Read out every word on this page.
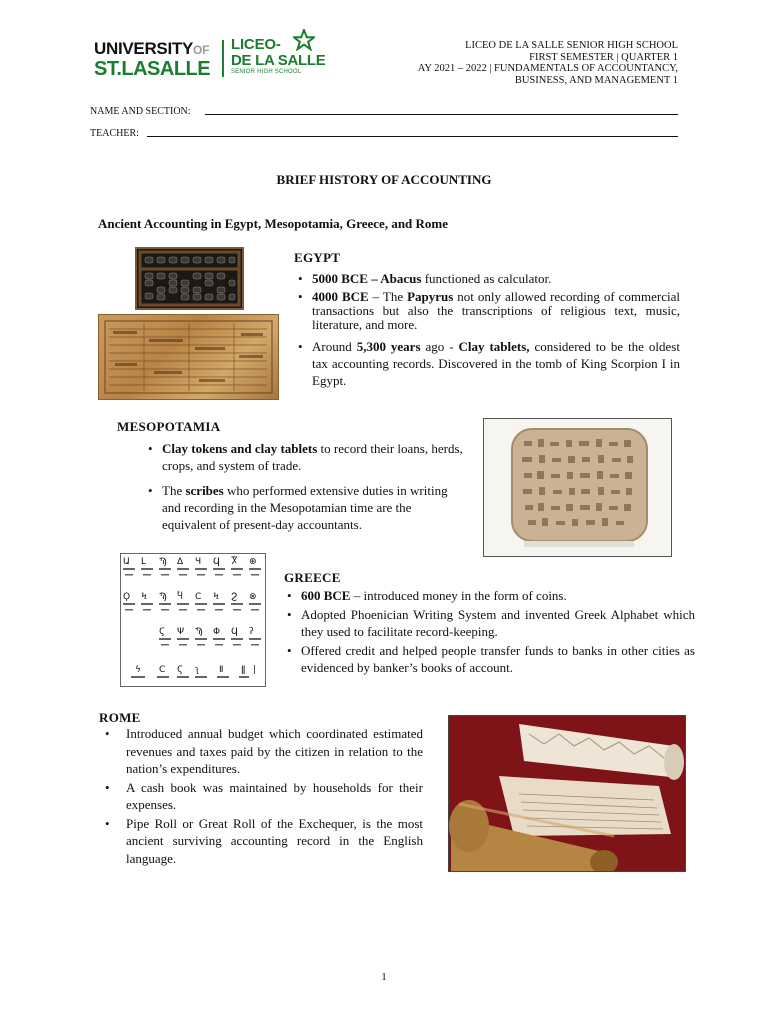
UNIVERSITYOF
ST.LASALLE
LICEO-
DE LA SALLE
SENIOR HIGH SCHOOL
LICEO DE LA SALLE SENIOR HIGH SCHOOL
FIRST SEMESTER | QUARTER 1
AY 2021 – 2022 | FUNDAMENTALS OF ACCOUNTANCY,
BUSINESS, AND MANAGEMENT 1
NAME AND SECTION:
TEACHER:
BRIEF HISTORY OF ACCOUNTING
Ancient Accounting in Egypt, Mesopotamia, Greece, and Rome
EGYPT
• 5000 BCE – Abacus functioned as calculator.
• 4000 BCE – The Papyrus not only allowed recording of commercial transactions but also the transcriptions of religious text, music, literature, and more.
• Around 5,300 years ago - Clay tablets, considered to be the oldest tax accounting records. Discovered in the tomb of King Scorpion I in Egypt.
MESOPOTAMIA
• Clay tokens and clay tablets to record their loans, herds, crops, and system of trade.
• The scribes who performed extensive duties in writing and recording in the Mesopotamian time are the equivalent of present-day accountants.
Ա Լ Ϡ Δ Ч Ϥ Ⴟ ⊕
Ϙ Ϟ Ϡ Ⴏ Ϲ Ϟ Ϩ ⊗
Ϛ Ψ Ϡ Φ Ϥ ʔ
ϟ Ϲ Ϛ ʅ Ⅱ ǁ |
GREECE
• 600 BCE – introduced money in the form of coins.
• Adopted Phoenician Writing System and invented Greek Alphabet which they used to facilitate record-keeping.
• Offered credit and helped people transfer funds to banks in other cities as evidenced by banker’s books of account.
ROME
• Introduced annual budget which coordinated estimated revenues and taxes paid by the citizen in relation to the nation’s expenditures.
• A cash book was maintained by households for their expenses.
• Pipe Roll or Great Roll of the Exchequer, is the most ancient surviving accounting record in the English language.
1
